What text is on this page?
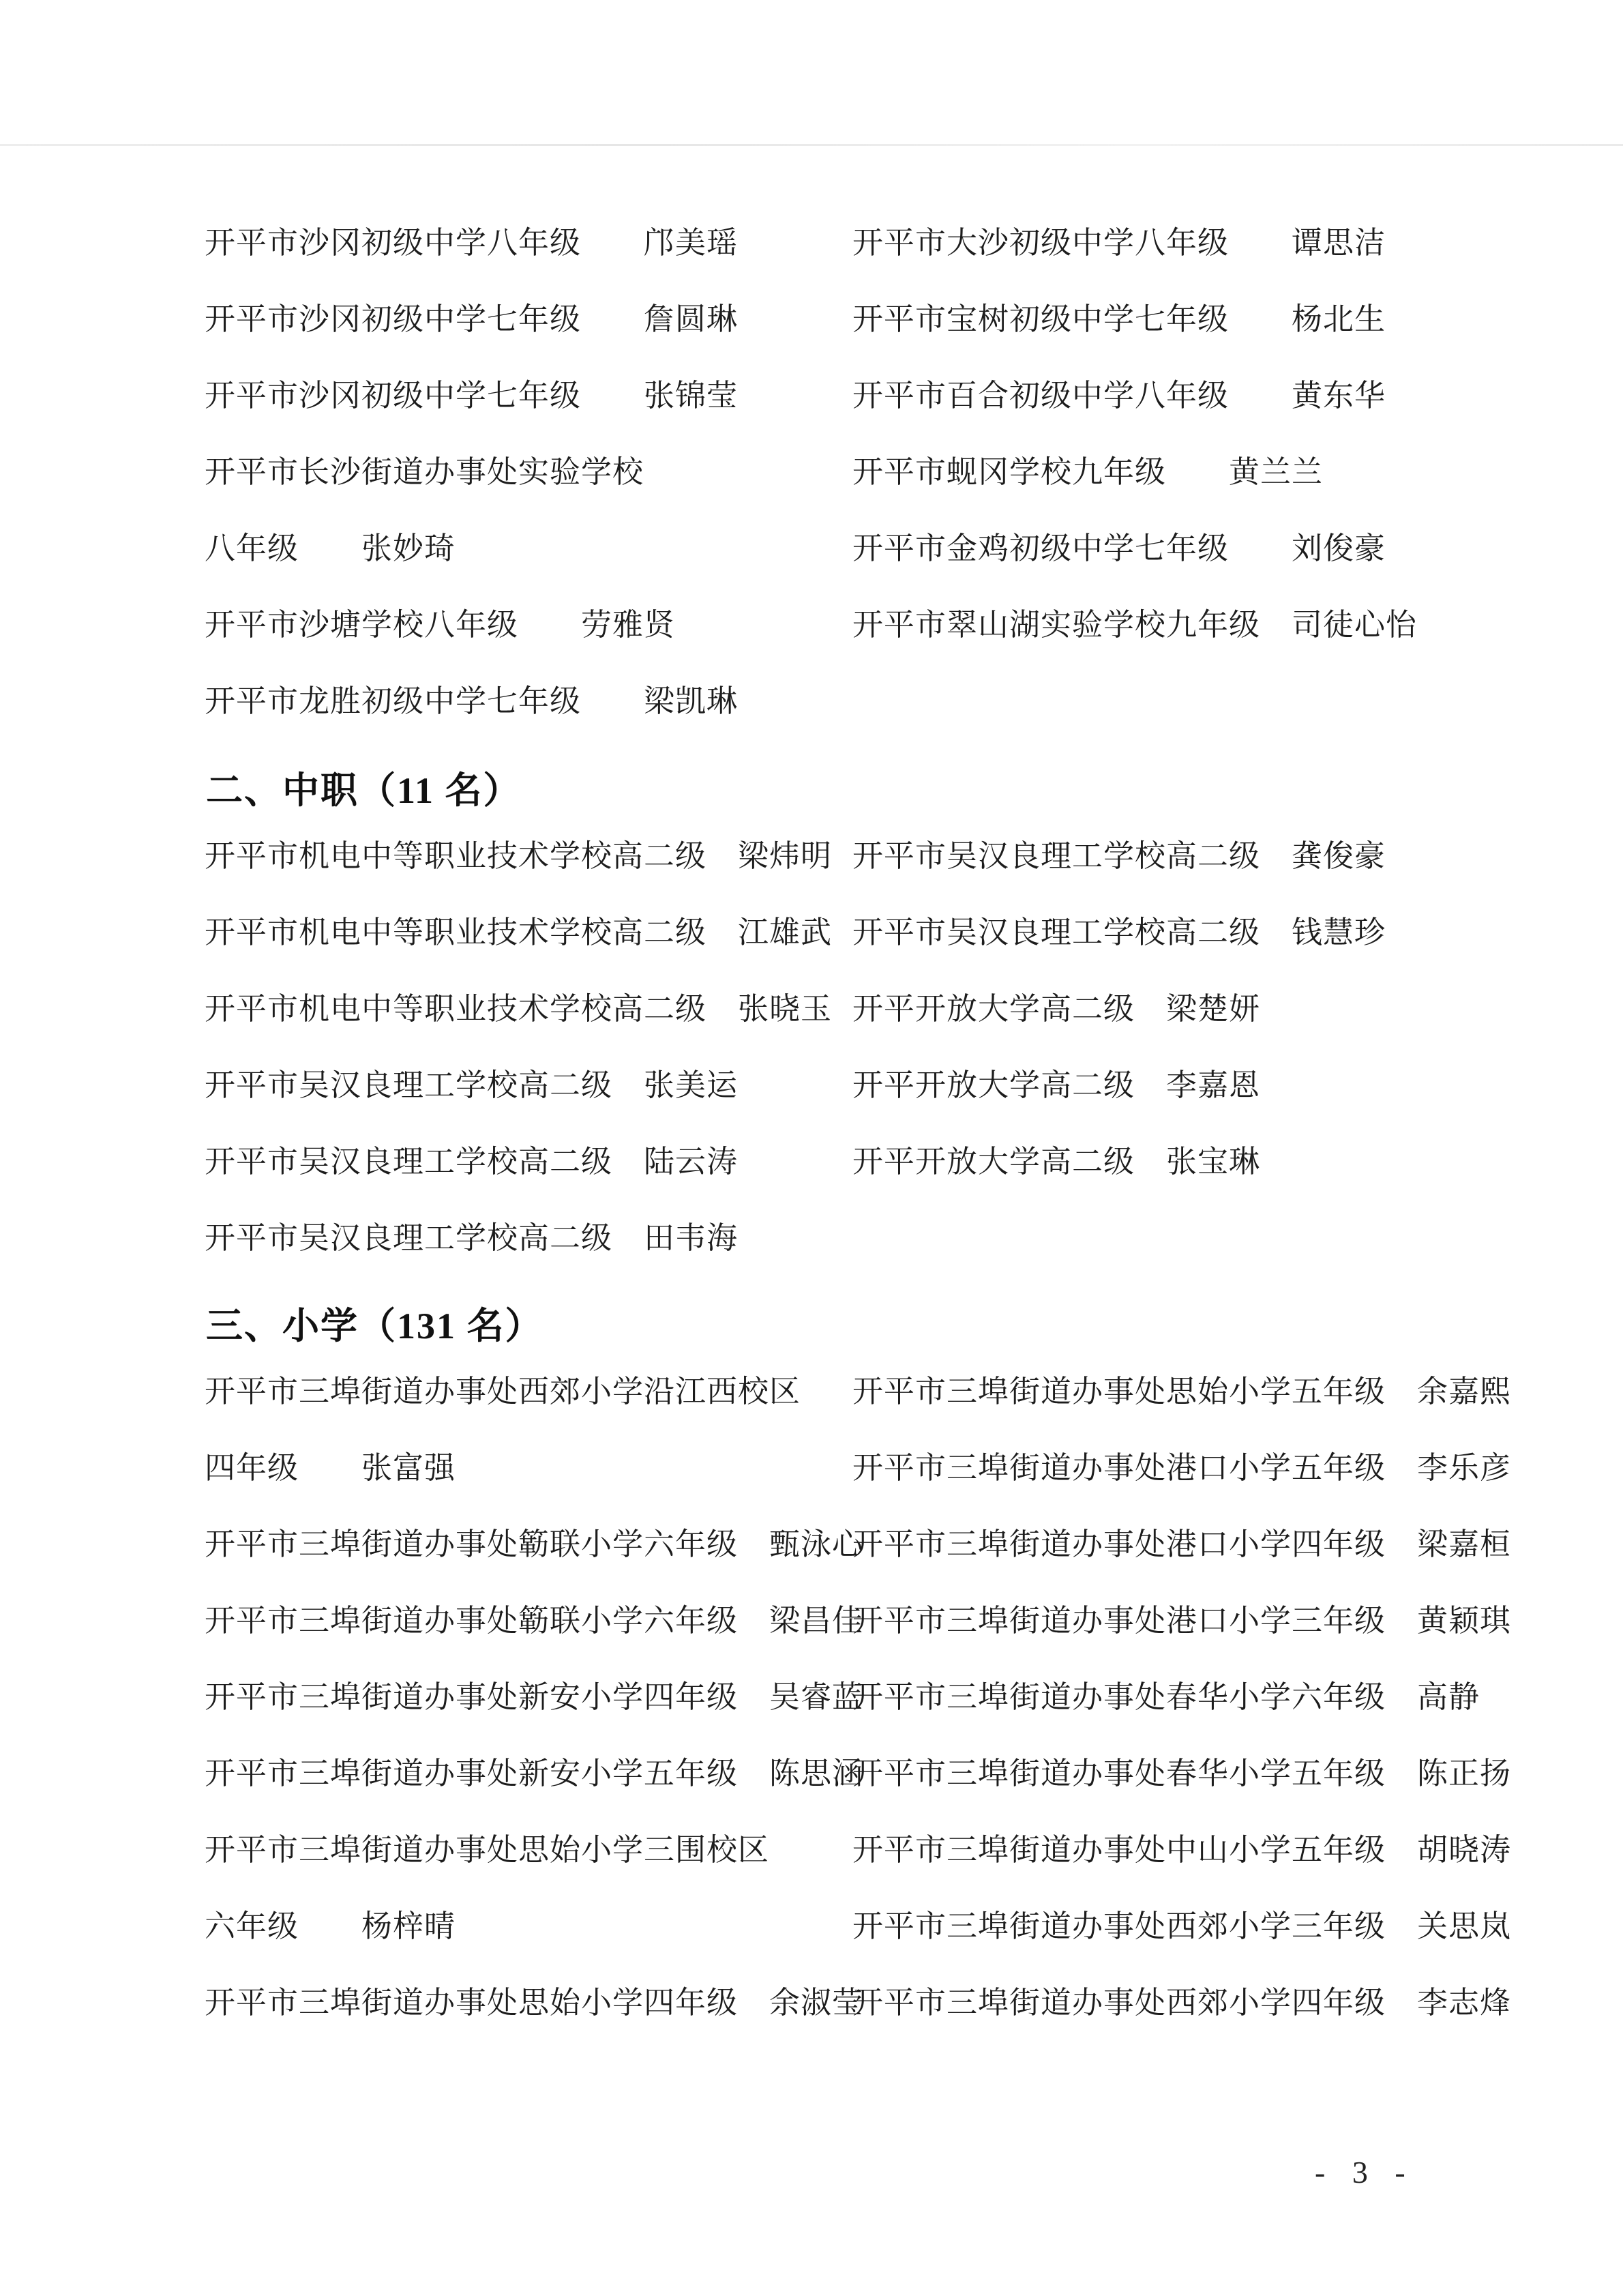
开平市沙冈初级中学八年级　　邝美瑶
开平市沙冈初级中学七年级　　詹圆琳
开平市沙冈初级中学七年级　　张锦莹
开平市长沙街道办事处实验学校
八年级　　张妙琦
开平市沙塘学校八年级　　劳雅贤
开平市龙胜初级中学七年级　　梁凯琳
开平市大沙初级中学八年级　　谭思洁
开平市宝树初级中学七年级　　杨北生
开平市百合初级中学八年级　　黄东华
开平市蚬冈学校九年级　　黄兰兰
开平市金鸡初级中学七年级　　刘俊豪
开平市翠山湖实验学校九年级　司徒心怡
二、中职（11 名）
开平市机电中等职业技术学校高二级　梁炜明
开平市机电中等职业技术学校高二级　江雄武
开平市机电中等职业技术学校高二级　张晓玉
开平市吴汉良理工学校高二级　张美运
开平市吴汉良理工学校高二级　陆云涛
开平市吴汉良理工学校高二级　田韦海
开平市吴汉良理工学校高二级　龚俊豪
开平市吴汉良理工学校高二级　钱慧珍
开平开放大学高二级　梁楚妍
开平开放大学高二级　李嘉恩
开平开放大学高二级　张宝琳
三、小学（131 名）
开平市三埠街道办事处西郊小学沿江西校区
四年级　　张富强
开平市三埠街道办事处簕联小学六年级　甄泳心
开平市三埠街道办事处簕联小学六年级　梁昌佳
开平市三埠街道办事处新安小学四年级　吴睿蓝
开平市三埠街道办事处新安小学五年级　陈思涵
开平市三埠街道办事处思始小学三围校区
六年级　　杨梓晴
开平市三埠街道办事处思始小学四年级　余淑莹
开平市三埠街道办事处思始小学五年级　余嘉熙
开平市三埠街道办事处港口小学五年级　李乐彦
开平市三埠街道办事处港口小学四年级　梁嘉桓
开平市三埠街道办事处港口小学三年级　黄颖琪
开平市三埠街道办事处春华小学六年级　高静
开平市三埠街道办事处春华小学五年级　陈正扬
开平市三埠街道办事处中山小学五年级　胡晓涛
开平市三埠街道办事处西郊小学三年级　关思岚
开平市三埠街道办事处西郊小学四年级　李志烽
- 3 -
